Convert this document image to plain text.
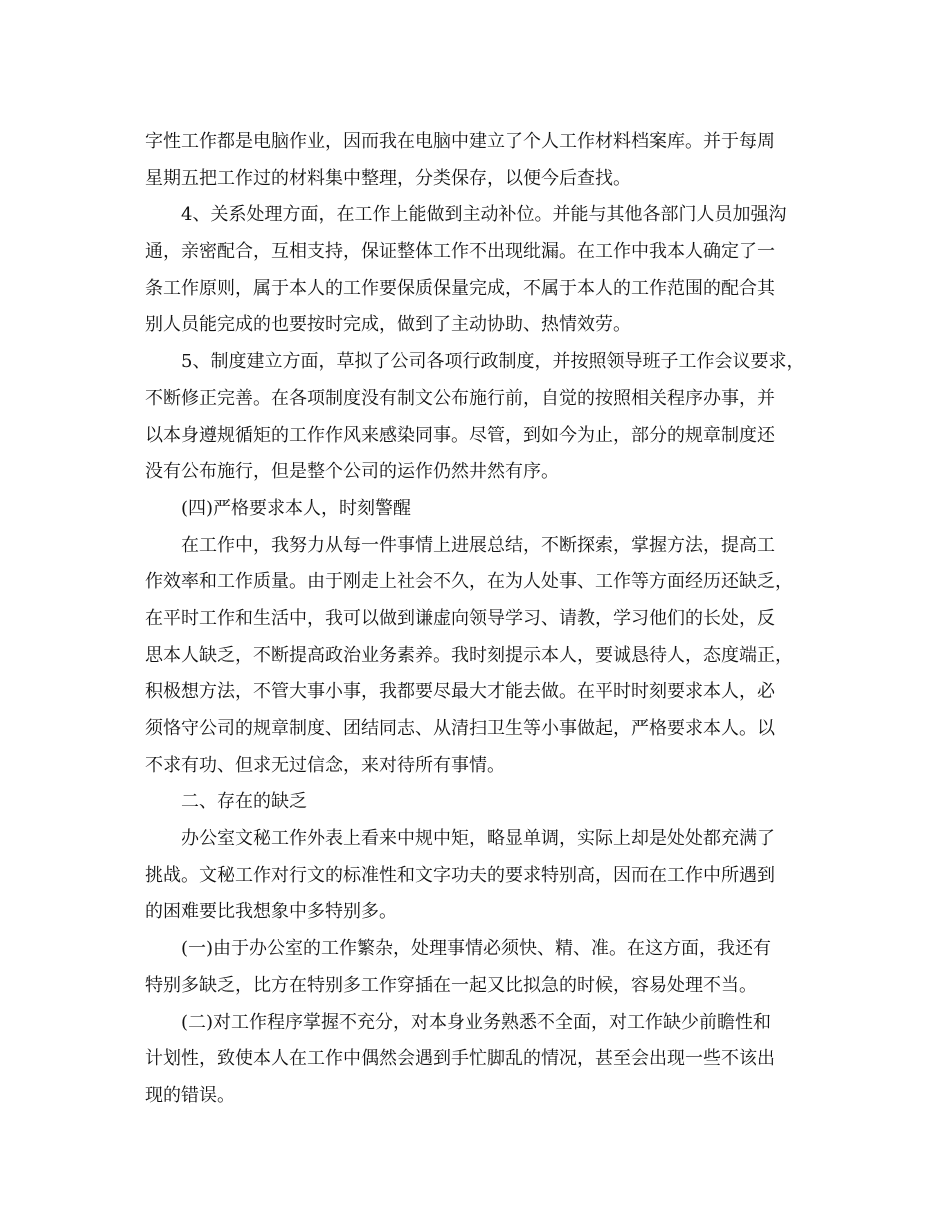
字性工作都是电脑作业，因而我在电脑中建立了个人工作材料档案库。并于每周
星期五把工作过的材料集中整理，分类保存，以便今后查找。
4、关系处理方面，在工作上能做到主动补位。并能与其他各部门人员加强沟
通，亲密配合，互相支持，保证整体工作不出现纰漏。在工作中我本人确定了一
条工作原则，属于本人的工作要保质保量完成，不属于本人的工作范围的配合其
别人员能完成的也要按时完成，做到了主动协助、热情效劳。
5、制度建立方面，草拟了公司各项行政制度，并按照领导班子工作会议要求，
不断修正完善。在各项制度没有制文公布施行前，自觉的按照相关程序办事，并
以本身遵规循矩的工作作风来感染同事。尽管，到如今为止，部分的规章制度还
没有公布施行，但是整个公司的运作仍然井然有序。
(四)严格要求本人，时刻警醒
在工作中，我努力从每一件事情上进展总结，不断探索，掌握方法，提高工
作效率和工作质量。由于刚走上社会不久，在为人处事、工作等方面经历还缺乏，
在平时工作和生活中，我可以做到谦虚向领导学习、请教，学习他们的长处，反
思本人缺乏，不断提高政治业务素养。我时刻提示本人，要诚恳待人，态度端正，
积极想方法，不管大事小事，我都要尽最大才能去做。在平时时刻要求本人，必
须恪守公司的规章制度、团结同志、从清扫卫生等小事做起，严格要求本人。以
不求有功、但求无过信念，来对待所有事情。
二、存在的缺乏
办公室文秘工作外表上看来中规中矩，略显单调，实际上却是处处都充满了
挑战。文秘工作对行文的标准性和文字功夫的要求特别高，因而在工作中所遇到
的困难要比我想象中多特别多。
(一)由于办公室的工作繁杂，处理事情必须快、精、准。在这方面，我还有
特别多缺乏，比方在特别多工作穿插在一起又比拟急的时候，容易处理不当。
(二)对工作程序掌握不充分，对本身业务熟悉不全面，对工作缺少前瞻性和
计划性，致使本人在工作中偶然会遇到手忙脚乱的情况，甚至会出现一些不该出
现的错误。
